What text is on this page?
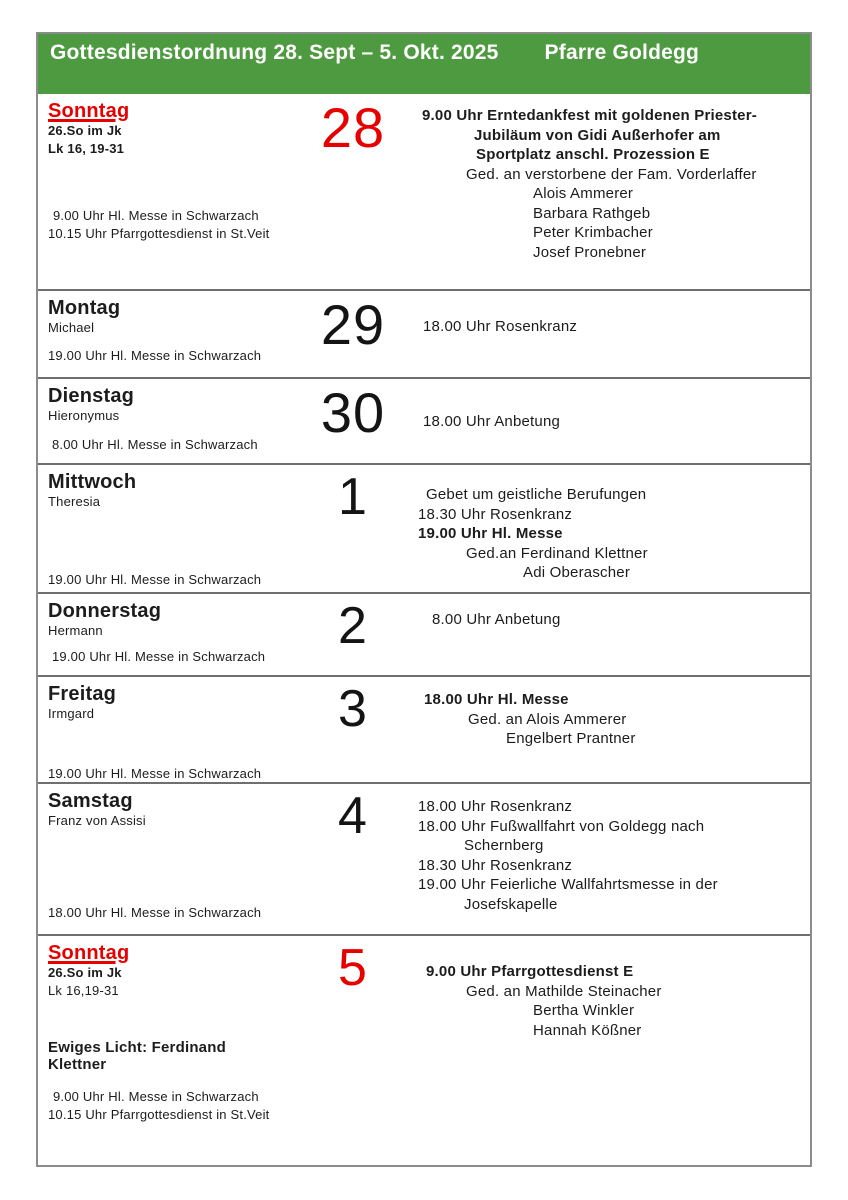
Gottesdienstordnung 28. Sept – 5. Okt. 2025 Pfarre Goldegg
Sonntag
26.So im Jk
Lk 16, 19-31
9.00 Uhr Hl. Messe in Schwarzach
10.15 Uhr Pfarrgottesdienst in St.Veit
28	9.00 Uhr Erntedankfest mit goldenen Priester-
Jubiläum von Gidi Außerhofer am
Sportplatz anschl. Prozession E
Ged. an verstorbene der Fam. Vorderlaffer
Alois Ammerer
Barbara Rathgeb
Peter Krimbacher
Josef Pronebner
Montag
Michael
19.00 Uhr Hl. Messe in Schwarzach	29	18.00 Uhr Rosenkranz
Dienstag
Hieronymus
8.00 Uhr Hl. Messe in Schwarzach
30	18.00 Uhr Anbetung
Mittwoch
Theresia
19.00 Uhr Hl. Messe in Schwarzach
1	Gebet um geistliche Berufungen
18.30 Uhr Rosenkranz
19.00 Uhr Hl. Messe
Ged.an Ferdinand Klettner
Adi Oberascher
Donnerstag
Hermann
19.00 Uhr Hl. Messe in Schwarzach
2	8.00 Uhr Anbetung
Freitag
Irmgard
19.00 Uhr Hl. Messe in Schwarzach
3	18.00 Uhr Hl. Messe
Ged. an Alois Ammerer
Engelbert Prantner
Samstag
Franz von Assisi
18.00 Uhr Hl. Messe in Schwarzach
4	18.00 Uhr Rosenkranz
18.00 Uhr Fußwallfahrt von Goldegg nach
Schernberg
18.30 Uhr Rosenkranz
19.00 Uhr Feierliche Wallfahrtsmesse in der
Josefskapelle
Sonntag
26.So im Jk
Lk 16,19-31
Ewiges Licht: Ferdinand Klettner
9.00 Uhr Hl. Messe in Schwarzach
10.15 Uhr Pfarrgottesdienst in St.Veit
5	9.00 Uhr Pfarrgottesdienst E
Ged. an Mathilde Steinacher
Bertha Winkler
Hannah Kößner
